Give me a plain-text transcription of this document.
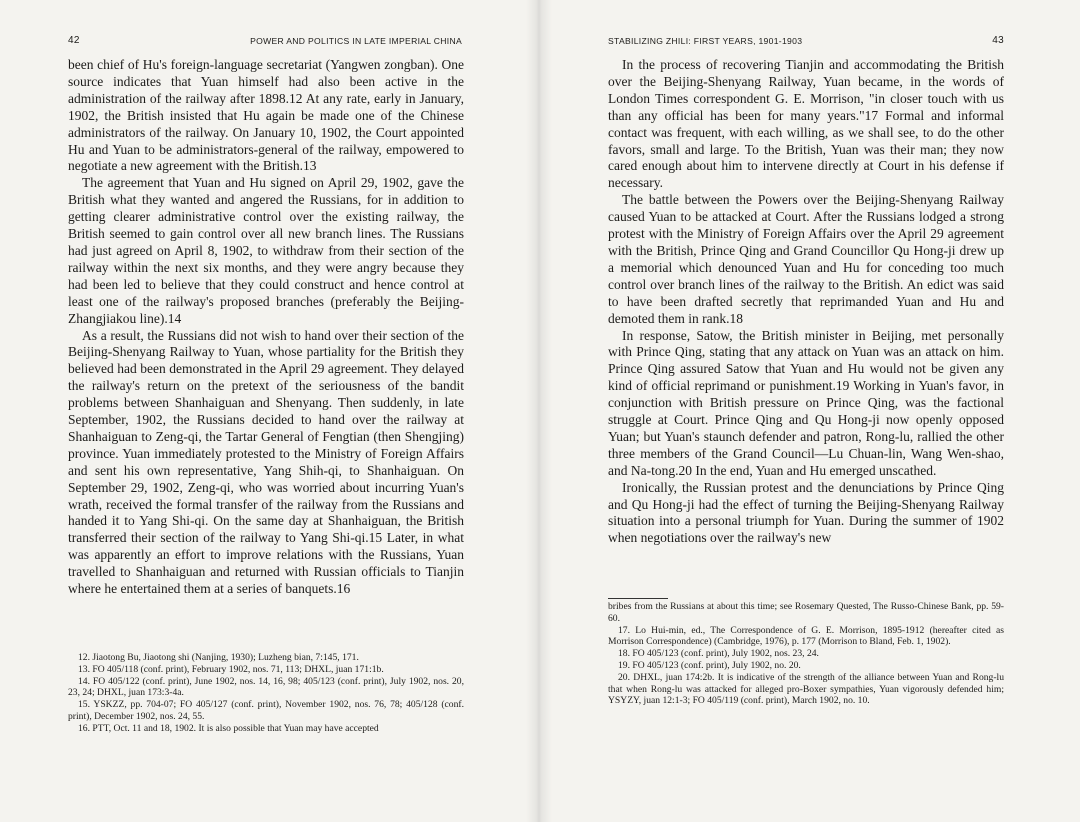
42	POWER AND POLITICS IN LATE IMPERIAL CHINA

been chief of Hu's foreign-language secretariat (Yangwen zongban). One source indicates that Yuan himself had also been active in the administration of the railway after 1898.12 At any rate, early in January, 1902, the British insisted that Hu again be made one of the Chinese administrators of the railway. On January 10, 1902, the Court appointed Hu and Yuan to be administrators-general of the railway, empowered to negotiate a new agreement with the British.13

The agreement that Yuan and Hu signed on April 29, 1902, gave the British what they wanted and angered the Russians, for in addition to getting clearer administrative control over the existing railway, the British seemed to gain control over all new branch lines. The Russians had just agreed on April 8, 1902, to withdraw from their section of the railway within the next six months, and they were angry because they had been led to believe that they could construct and hence control at least one of the railway's proposed branches (preferably the Beijing-Zhangjiakou line).14

As a result, the Russians did not wish to hand over their section of the Beijing-Shenyang Railway to Yuan, whose partiality for the British they believed had been demonstrated in the April 29 agreement. They delayed the railway's return on the pretext of the seriousness of the bandit problems between Shanhaiguan and Shenyang. Then suddenly, in late September, 1902, the Russians decided to hand over the railway at Shanhaiguan to Zeng-qi, the Tartar General of Fengtian (then Shengjing) province. Yuan immediately protested to the Ministry of Foreign Affairs and sent his own representative, Yang Shih-qi, to Shanhaiguan. On September 29, 1902, Zeng-qi, who was worried about incurring Yuan's wrath, received the formal transfer of the railway from the Russians and handed it to Yang Shi-qi. On the same day at Shanhaiguan, the British transferred their section of the railway to Yang Shi-qi.15 Later, in what was apparently an effort to improve relations with the Russians, Yuan travelled to Shanhaiguan and returned with Russian officials to Tianjin where he entertained them at a series of banquets.16

12. Jiaotong Bu, Jiaotong shi (Nanjing, 1930); Luzheng bian, 7:145, 171.

13. FO 405/118 (conf. print), February 1902, nos. 71, 113; DHXL, juan 171:1b.

14. FO 405/122 (conf. print), June 1902, nos. 14, 16, 98; 405/123 (conf. print), July 1902, nos. 20, 23, 24; DHXL, juan 173:3-4a.

15. YSKZZ, pp. 704-07; FO 405/127 (conf. print), November 1902, nos. 76, 78; 405/128 (conf. print), December 1902, nos. 24, 55.

16. PTT, Oct. 11 and 18, 1902. It is also possible that Yuan may have accepted

STABILIZING ZHILI: FIRST YEARS, 1901-1903	43

In the process of recovering Tianjin and accommodating the British over the Beijing-Shenyang Railway, Yuan became, in the words of London Times correspondent G. E. Morrison, "in closer touch with us than any official has been for many years."17 Formal and informal contact was frequent, with each willing, as we shall see, to do the other favors, small and large. To the British, Yuan was their man; they now cared enough about him to intervene directly at Court in his defense if necessary.

The battle between the Powers over the Beijing-Shenyang Railway caused Yuan to be attacked at Court. After the Russians lodged a strong protest with the Ministry of Foreign Affairs over the April 29 agreement with the British, Prince Qing and Grand Councillor Qu Hong-ji drew up a memorial which denounced Yuan and Hu for conceding too much control over branch lines of the railway to the British. An edict was said to have been drafted secretly that reprimanded Yuan and Hu and demoted them in rank.18

In response, Satow, the British minister in Beijing, met personally with Prince Qing, stating that any attack on Yuan was an attack on him. Prince Qing assured Satow that Yuan and Hu would not be given any kind of official reprimand or punishment.19 Working in Yuan's favor, in conjunction with British pressure on Prince Qing, was the factional struggle at Court. Prince Qing and Qu Hong-ji now openly opposed Yuan; but Yuan's staunch defender and patron, Rong-lu, rallied the other three members of the Grand Council—Lu Chuan-lin, Wang Wen-shao, and Na-tong.20 In the end, Yuan and Hu emerged unscathed.

Ironically, the Russian protest and the denunciations by Prince Qing and Qu Hong-ji had the effect of turning the Beijing-Shenyang Railway situation into a personal triumph for Yuan. During the summer of 1902 when negotiations over the railway's new

bribes from the Russians at about this time; see Rosemary Quested, The Russo-Chinese Bank, pp. 59-60.

17. Lo Hui-min, ed., The Correspondence of G. E. Morrison, 1895-1912 (hereafter cited as Morrison Correspondence) (Cambridge, 1976), p. 177 (Morrison to Bland, Feb. 1, 1902).

18. FO 405/123 (conf. print), July 1902, nos. 23, 24.

19. FO 405/123 (conf. print), July 1902, no. 20.

20. DHXL, juan 174:2b. It is indicative of the strength of the alliance between Yuan and Rong-lu that when Rong-lu was attacked for alleged pro-Boxer sympathies, Yuan vigorously defended him; YSYZY, juan 12:1-3; FO 405/119 (conf. print), March 1902, no. 10.
